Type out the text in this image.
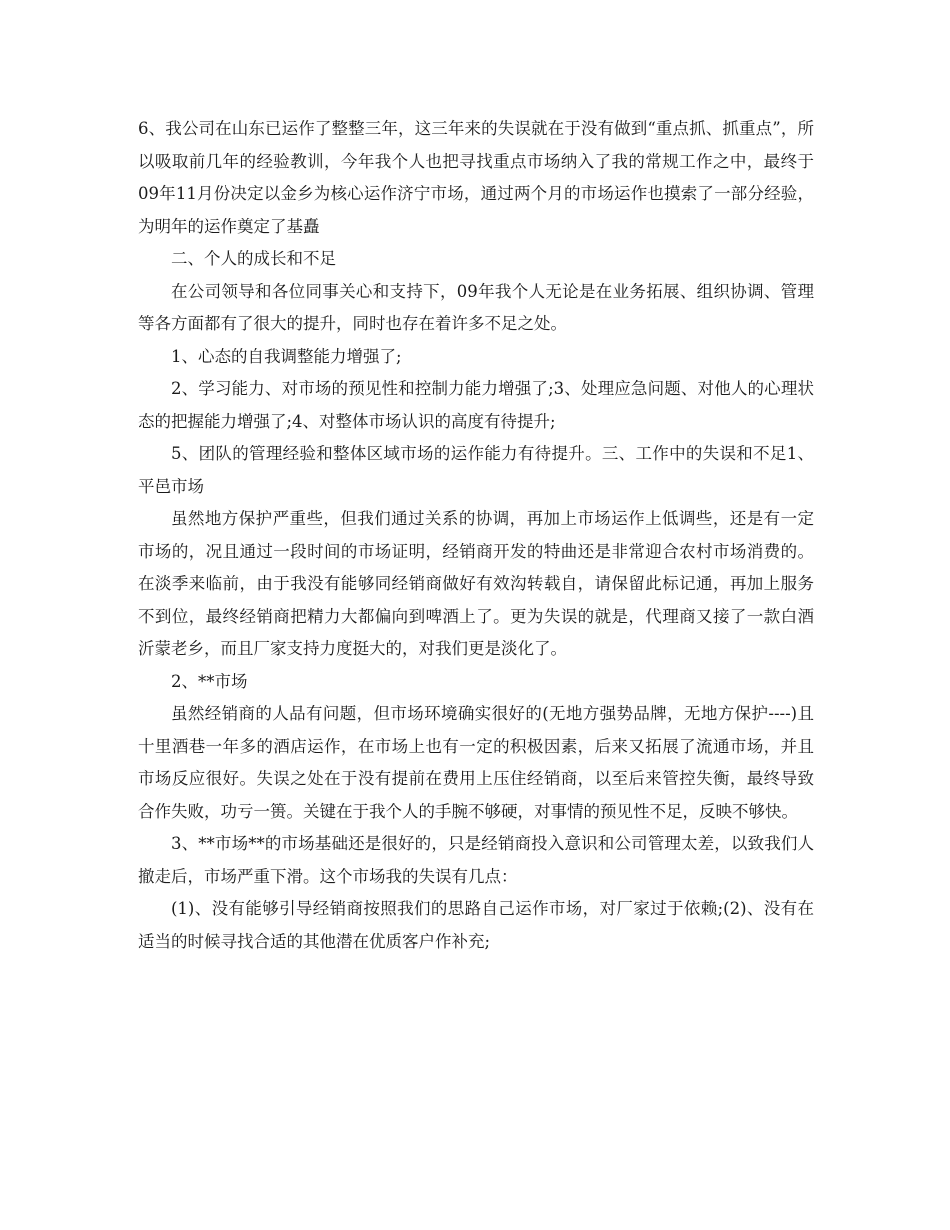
6、我公司在山东已运作了整整三年，这三年来的失误就在于没有做到“重点抓、抓重点”，所以吸取前几年的经验教训，今年我个人也把寻找重点市场纳入了我的常规工作之中，最终于09年11月份决定以金乡为核心运作济宁市场，通过两个月的市场运作也摸索了一部分经验，为明年的运作奠定了基矗

二、个人的成长和不足

在公司领导和各位同事关心和支持下，09年我个人无论是在业务拓展、组织协调、管理等各方面都有了很大的提升，同时也存在着许多不足之处。

1、心态的自我调整能力增强了;

2、学习能力、对市场的预见性和控制力能力增强了;3、处理应急问题、对他人的心理状态的把握能力增强了;4、对整体市场认识的高度有待提升;

5、团队的管理经验和整体区域市场的运作能力有待提升。三、工作中的失误和不足1、平邑市场

虽然地方保护严重些，但我们通过关系的协调，再加上市场运作上低调些，还是有一定市场的，况且通过一段时间的市场证明，经销商开发的特曲还是非常迎合农村市场消费的。在淡季来临前，由于我没有能够同经销商做好有效沟转载自，请保留此标记通，再加上服务不到位，最终经销商把精力大都偏向到啤酒上了。更为失误的就是，代理商又接了一款白酒沂蒙老乡，而且厂家支持力度挺大的，对我们更是淡化了。

2、**市场

虽然经销商的人品有问题，但市场环境确实很好的(无地方强势品牌，无地方保护----)且十里酒巷一年多的酒店运作，在市场上也有一定的积极因素，后来又拓展了流通市场，并且市场反应很好。失误之处在于没有提前在费用上压住经销商，以至后来管控失衡，最终导致合作失败，功亏一篑。关键在于我个人的手腕不够硬，对事情的预见性不足，反映不够快。

3、**市场**的市场基础还是很好的，只是经销商投入意识和公司管理太差，以致我们人撤走后，市场严重下滑。这个市场我的失误有几点：

(1)、没有能够引导经销商按照我们的思路自己运作市场，对厂家过于依赖;(2)、没有在适当的时候寻找合适的其他潜在优质客户作补充;
